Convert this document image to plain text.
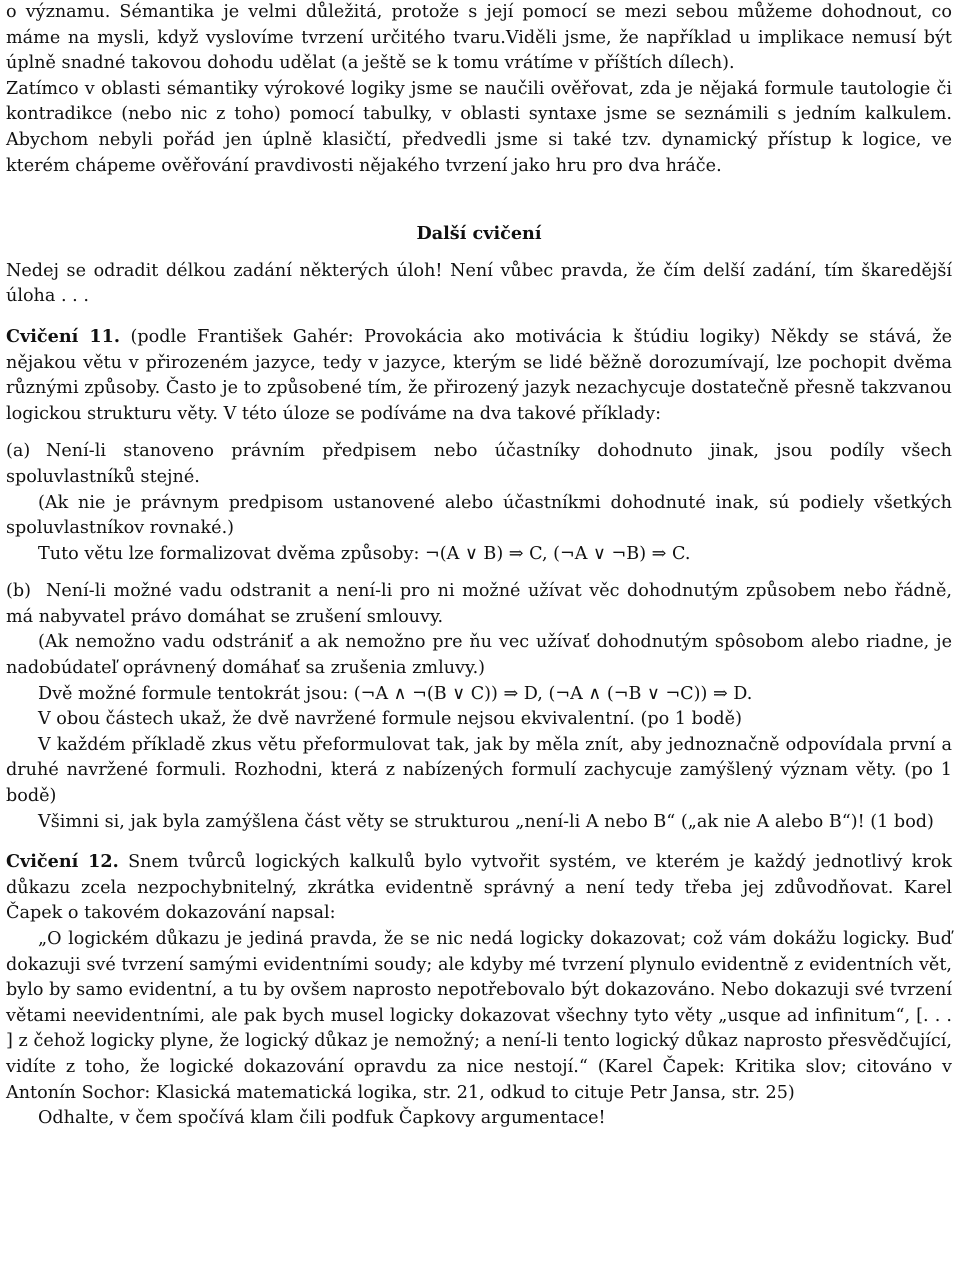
o významu. Sémantika je velmi důležitá, protože s její pomocí se mezi sebou můžeme dohodnout, co máme na mysli, když vyslovíme tvrzení určitého tvaru.Viděli jsme, že například u implikace nemusí být úplně snadné takovou dohodu udělat (a ještě se k tomu vrátíme v příštích dílech).

Zatímco v oblasti sémantiky výrokové logiky jsme se naučili ověřovat, zda je nějaká formule tautologie či kontradikce (nebo nic z toho) pomocí tabulky, v oblasti syntaxe jsme se seznámili s jedním kalkulem. Abychom nebyli pořád jen úplně klasičtí, předvedli jsme si také tzv. dynamický přístup k logice, ve kterém chápeme ověřování pravdivosti nějakého tvrzení jako hru pro dva hráče.

Další cvičení

Nedej se odradit délkou zadání některých úloh! Není vůbec pravda, že čím delší zadání, tím škaredější úloha . . .

Cvičení 11. (podle František Gahér: Provokácia ako motivácia k štúdiu logiky) Někdy se stává, že nějakou větu v přirozeném jazyce, tedy v jazyce, kterým se lidé běžně dorozumívají, lze pochopit dvěma různými způsoby. Často je to způsobené tím, že přirozený jazyk nezachycuje dostatečně přesně takzvanou logickou strukturu věty. V této úloze se podíváme na dva takové příklady:

(a) Není-li stanoveno právním předpisem nebo účastníky dohodnuto jinak, jsou podíly všech spoluvlastníků stejné.

(Ak nie je právnym predpisom ustanovené alebo účastníkmi dohodnuté inak, sú podiely všetkých spoluvlastníkov rovnaké.)

Tuto větu lze formalizovat dvěma způsoby: ¬(A ∨ B) ⇒ C, (¬A ∨ ¬B) ⇒ C.

(b) Není-li možné vadu odstranit a není-li pro ni možné užívat věc dohodnutým způsobem nebo řádně, má nabyvatel právo domáhat se zrušení smlouvy.

(Ak nemožno vadu odstrániť a ak nemožno pre ňu vec užívať dohodnutým spôsobom alebo riadne, je nadobúdateľ oprávnený domáhať sa zrušenia zmluvy.)

Dvě možné formule tentokrát jsou: (¬A ∧ ¬(B ∨ C)) ⇒ D, (¬A ∧ (¬B ∨ ¬C)) ⇒ D.

V obou částech ukaž, že dvě navržené formule nejsou ekvivalentní. (po 1 bodě)

V každém příkladě zkus větu přeformulovat tak, jak by měla znít, aby jednoznačně odpovídala první a druhé navržené formuli. Rozhodni, která z nabízených formulí zachycuje zamýšlený význam věty. (po 1 bodě)

Všimni si, jak byla zamýšlena část věty se strukturou „není-li A nebo B“ („ak nie A alebo B“)! (1 bod)

Cvičení 12. Snem tvůrců logických kalkulů bylo vytvořit systém, ve kterém je každý jednotlivý krok důkazu zcela nezpochybnitelný, zkrátka evidentně správný a není tedy třeba jej zdůvodňovat. Karel Čapek o takovém dokazování napsal:

„O logickém důkazu je jediná pravda, že se nic nedá logicky dokazovat; což vám dokážu logicky. Buď dokazuji své tvrzení samými evidentními soudy; ale kdyby mé tvrzení plynulo evidentně z evidentních vět, bylo by samo evidentní, a tu by ovšem naprosto nepotřebovalo být dokazováno. Nebo dokazuji své tvrzení větami neevidentními, ale pak bych musel logicky dokazovat všechny tyto věty „usque ad infinitum“, [. . . ] z čehož logicky plyne, že logický důkaz je nemožný; a není-li tento logický důkaz naprosto přesvědčující, vidíte z toho, že logické dokazování opravdu za nice nestojí.“ (Karel Čapek: Kritika slov; citováno v Antonín Sochor: Klasická matematická logika, str. 21, odkud to cituje Petr Jansa, str. 25)

Odhalte, v čem spočívá klam čili podfuk Čapkovy argumentace!
